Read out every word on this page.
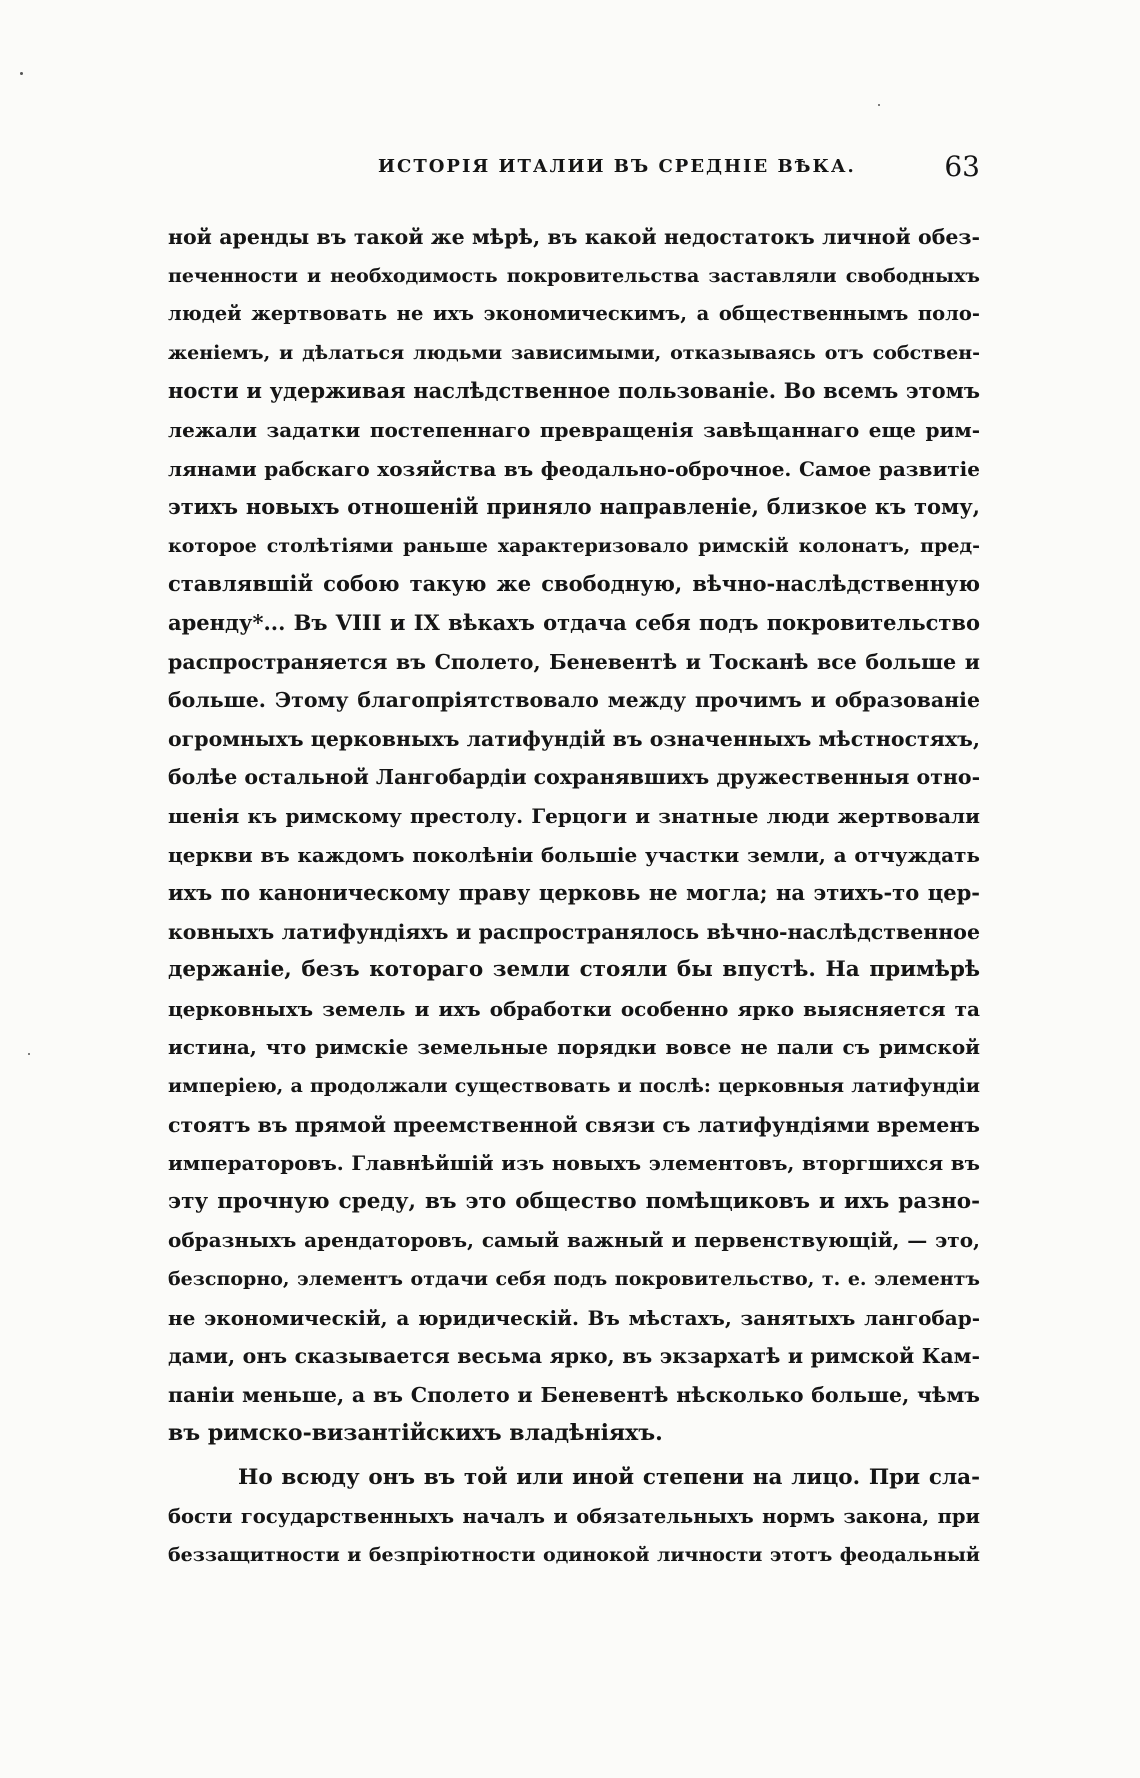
ИСТОРІЯ ИТАЛИИ ВЪ СРЕДНІЕ ВѢКА.	63
ной аренды въ такой же мѣрѣ, въ какой недостатокъ личной обез-
печенности и необходимость покровительства заставляли свободныхъ
людей жертвовать не ихъ экономическимъ, а общественнымъ поло-
женіемъ, и дѣлаться людьми зависимыми, отказываясь отъ собствен-
ности и удерживая наслѣдственное пользованіе. Во всемъ этомъ
лежали задатки постепеннаго превращенія завѣщаннаго еще рим-
лянами рабскаго хозяйства въ феодально-оброчное. Самое развитіе
этихъ новыхъ отношеній приняло направленіе, близкое къ тому,
которое столѣтіями раньше характеризовало римскій колонатъ, пред-
ставлявшій собою такую же свободную, вѣчно-наслѣдственную
аренду*... Въ VIII и IX вѣкахъ отдача себя подъ покровительство
распространяется въ Сполето, Беневентѣ и Тосканѣ все больше и
больше. Этому благопріятствовало между прочимъ и образованіе
огромныхъ церковныхъ латифундій въ означенныхъ мѣстностяхъ,
болѣе остальной Лангобардіи сохранявшихъ дружественныя отно-
шенія къ римскому престолу. Герцоги и знатные люди жертвовали
церкви въ каждомъ поколѣніи большіе участки земли, а отчуждать
ихъ по каноническому праву церковь не могла; на этихъ-то цер-
ковныхъ латифундіяхъ и распространялось вѣчно-наслѣдственное
держаніе, безъ котораго земли стояли бы впустѣ. На примѣрѣ
церковныхъ земель и ихъ обработки особенно ярко выясняется та
истина, что римскіе земельные порядки вовсе не пали съ римской
имперіею, а продолжали существовать и послѣ: церковныя латифундіи
стоятъ въ прямой преемственной связи съ латифундіями временъ
императоровъ. Главнѣйшій изъ новыхъ элементовъ, вторгшихся въ
эту прочную среду, въ это общество помѣщиковъ и ихъ разно-
образныхъ арендаторовъ, самый важный и первенствующій, — это,
безспорно, элементъ отдачи себя подъ покровительство, т. е. элементъ
не экономическій, а юридическій. Въ мѣстахъ, занятыхъ лангобар-
дами, онъ сказывается весьма ярко, въ экзархатѣ и римской Кам-
паніи меньше, а въ Сполето и Беневентѣ нѣсколько больше, чѣмъ
въ римско-византійскихъ владѣніяхъ.
Но всюду онъ въ той или иной степени на лицо. При сла-
бости государственныхъ началъ и обязательныхъ нормъ закона, при
беззащитности и безпріютности одинокой личности этотъ феодальный
